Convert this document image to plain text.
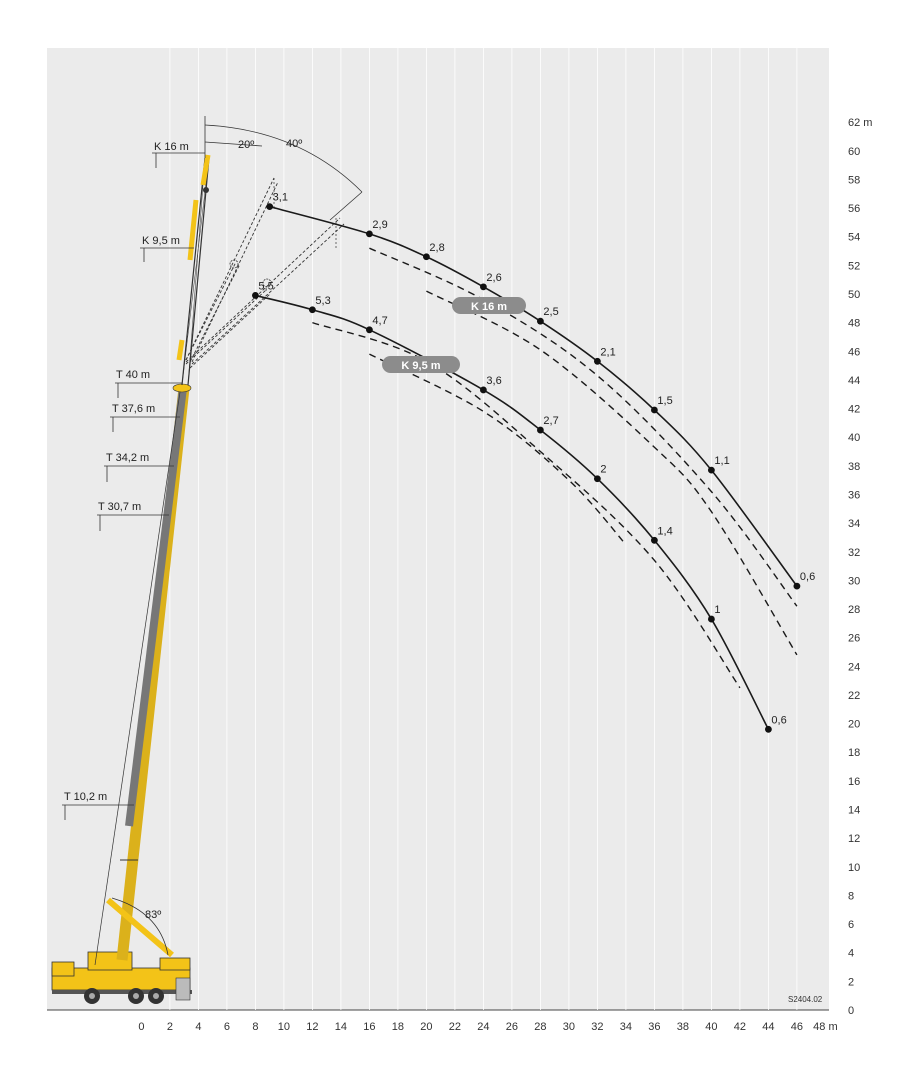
0 2 4 6 8 10 12 14 16 18 20 22 24 26 28 30 32 34 36 38 40 42 44 46 48 m
0
2
4
6
8
10
12
14
16
18
20
22
24
26
28
30
32
34
36
38
40
42
44
46
48
50
52
54
56
58
60
62 m
K 16 m
K 9,5 m
T 40 m
T 37,6 m
T 34,2 m
T 30,7 m
T 10,2 m
20º	40º
83º
3,1
2,9
2,8
2,6
2,5
2,1
1,5
1,1
0,6
5,5
5,3
4,7
3,6
2,7
2
1,4
1
0,6
K 16 m
K 9,5 m
S2404.02
